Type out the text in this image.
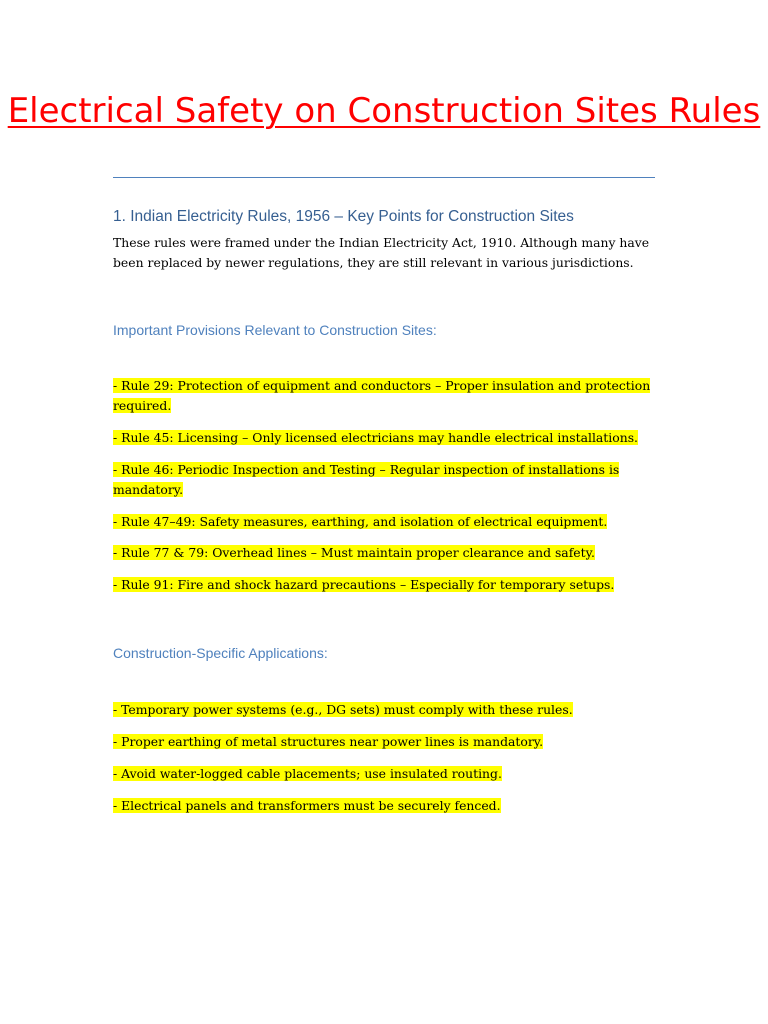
Electrical Safety on Construction Sites Rules
1. Indian Electricity Rules, 1956 – Key Points for Construction Sites

These rules were framed under the Indian Electricity Act, 1910. Although many have been replaced by newer regulations, they are still relevant in various jurisdictions.

Important Provisions Relevant to Construction Sites:

- Rule 29: Protection of equipment and conductors – Proper insulation and protection required.

- Rule 45: Licensing – Only licensed electricians may handle electrical installations.

- Rule 46: Periodic Inspection and Testing – Regular inspection of installations is mandatory.

- Rule 47–49: Safety measures, earthing, and isolation of electrical equipment.

- Rule 77 & 79: Overhead lines – Must maintain proper clearance and safety.

- Rule 91: Fire and shock hazard precautions – Especially for temporary setups.

Construction-Specific Applications:

- Temporary power systems (e.g., DG sets) must comply with these rules.

- Proper earthing of metal structures near power lines is mandatory.

- Avoid water-logged cable placements; use insulated routing.

- Electrical panels and transformers must be securely fenced.
